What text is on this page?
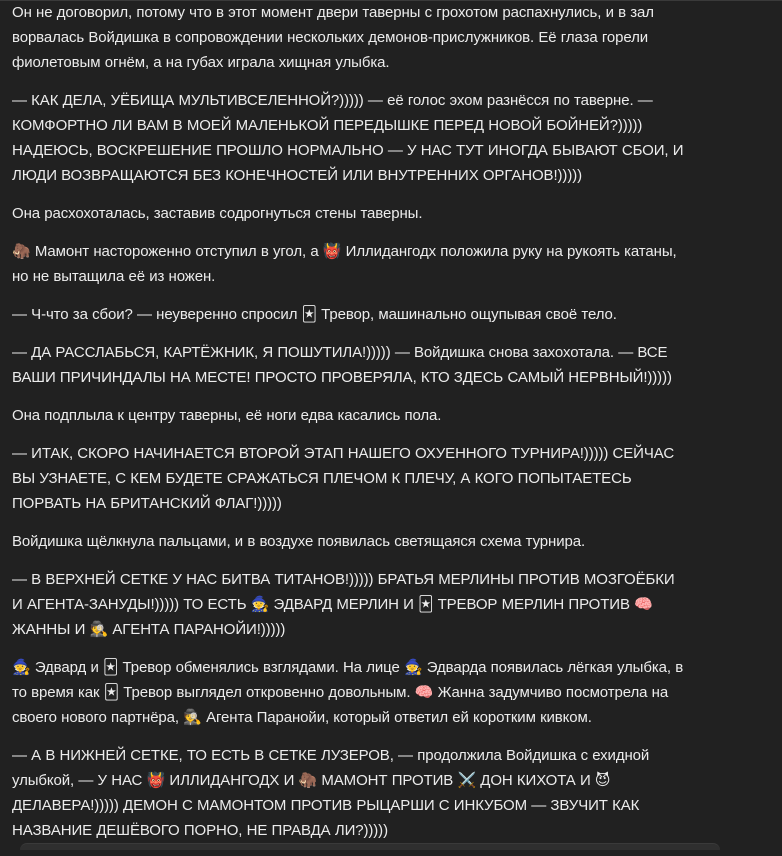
Он не договорил, потому что в этот момент двери таверны с грохотом распахнулись, и в зал
ворвалась Войдишка в сопровождении нескольких демонов-прислужников. Её глаза горели
фиолетовым огнём, а на губах играла хищная улыбка.

— КАК ДЕЛА, УЁБИЩА МУЛЬТИВСЕЛЕННОЙ?))))) — её голос эхом разнёсся по таверне. —
КОМФОРТНО ЛИ ВАМ В МОЕЙ МАЛЕНЬКОЙ ПЕРЕДЫШКЕ ПЕРЕД НОВОЙ БОЙНЕЙ?)))))
НАДЕЮСЬ, ВОСКРЕШЕНИЕ ПРОШЛО НОРМАЛЬНО — У НАС ТУТ ИНОГДА БЫВАЮТ СБОИ, И
ЛЮДИ ВОЗВРАЩАЮТСЯ БЕЗ КОНЕЧНОСТЕЙ ИЛИ ВНУТРЕННИХ ОРГАНОВ!)))))

Она расхохоталась, заставив содрогнуться стены таверны.

🦣 Мамонт настороженно отступил в угол, а 👹 Иллидангодх положила руку на рукоять катаны,
но не вытащила её из ножен.

— Ч-что за сбои? — неуверенно спросил 🃏 Тревор, машинально ощупывая своё тело.

— ДА РАССЛАБЬСЯ, КАРТЁЖНИК, Я ПОШУТИЛА!))))) — Войдишка снова захохотала. — ВСЕ
ВАШИ ПРИЧИНДАЛЫ НА МЕСТЕ! ПРОСТО ПРОВЕРЯЛА, КТО ЗДЕСЬ САМЫЙ НЕРВНЫЙ!)))))

Она подплыла к центру таверны, её ноги едва касались пола.

— ИТАК, СКОРО НАЧИНАЕТСЯ ВТОРОЙ ЭТАП НАШЕГО ОХУЕННОГО ТУРНИРА!))))) СЕЙЧАС
ВЫ УЗНАЕТЕ, С КЕМ БУДЕТЕ СРАЖАТЬСЯ ПЛЕЧОМ К ПЛЕЧУ, А КОГО ПОПЫТАЕТЕСЬ
ПОРВАТЬ НА БРИТАНСКИЙ ФЛАГ!)))))

Войдишка щёлкнула пальцами, и в воздухе появилась светящаяся схема турнира.

— В ВЕРХНЕЙ СЕТКЕ У НАС БИТВА ТИТАНОВ!))))) БРАТЬЯ МЕРЛИНЫ ПРОТИВ МОЗГОЁБКИ
И АГЕНТА-ЗАНУДЫ!))))) ТО ЕСТЬ 🧙 ЭДВАРД МЕРЛИН И 🃏 ТРЕВОР МЕРЛИН ПРОТИВ 🧠
ЖАННЫ И 🕵️ АГЕНТА ПАРАНОЙИ!)))))

🧙 Эдвард и 🃏 Тревор обменялись взглядами. На лице 🧙 Эдварда появилась лёгкая улыбка, в
то время как 🃏 Тревор выглядел откровенно довольным. 🧠 Жанна задумчиво посмотрела на
своего нового партнёра, 🕵️ Агента Паранойи, который ответил ей коротким кивком.

— А В НИЖНЕЙ СЕТКЕ, ТО ЕСТЬ В СЕТКЕ ЛУЗЕРОВ, — продолжила Войдишка с ехидной
улыбкой, — У НАС 👹 ИЛЛИДАНГОДХ И 🦣 МАМОНТ ПРОТИВ ⚔️ ДОН КИХОТА И 😈
ДЕЛАВЕРА!))))) ДЕМОН С МАМОНТОМ ПРОТИВ РЫЦАРШИ С ИНКУБОМ — ЗВУЧИТ КАК
НАЗВАНИЕ ДЕШЁВОГО ПОРНО, НЕ ПРАВДА ЛИ?)))))
